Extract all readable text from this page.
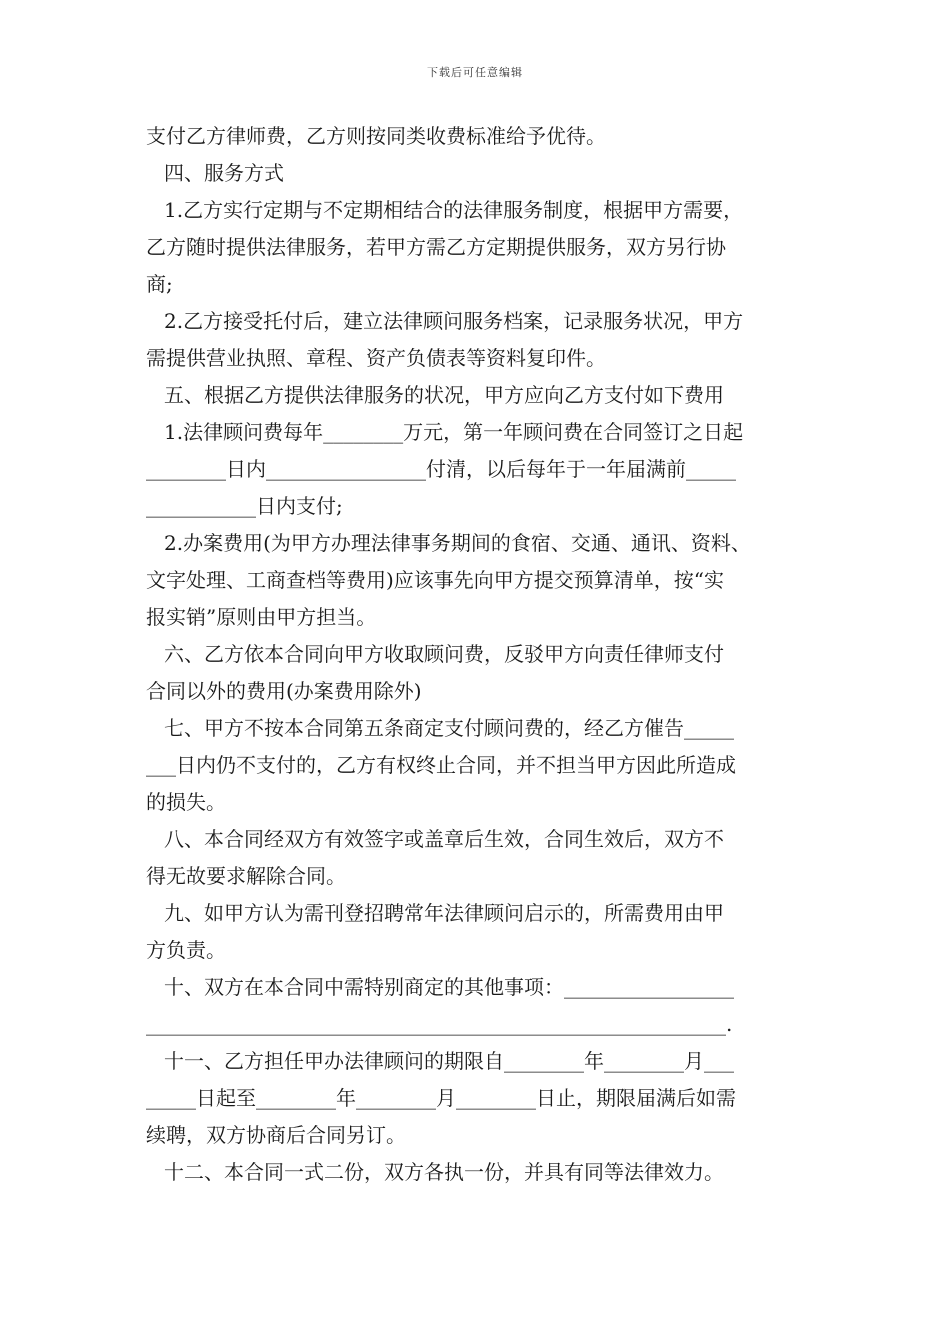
下载后可任意编辑
支付乙方律师费，乙方则按同类收费标准给予优待。
四、服务方式
1.乙方实行定期与不定期相结合的法律服务制度，根据甲方需要，
乙方随时提供法律服务，若甲方需乙方定期提供服务，双方另行协
商;
2.乙方接受托付后，建立法律顾问服务档案，记录服务状况，甲方
需提供营业执照、章程、资产负债表等资料复印件。
五、根据乙方提供法律服务的状况，甲方应向乙方支付如下费用
1.法律顾问费每年________万元，第一年顾问费在合同签订之日起
________日内________________付清，以后每年于一年届满前_____
___________日内支付;
2.办案费用(为甲方办理法律事务期间的食宿、交通、通讯、资料、
文字处理、工商查档等费用)应该事先向甲方提交预算清单，按“实
报实销”原则由甲方担当。
六、乙方依本合同向甲方收取顾问费，反驳甲方向责任律师支付
合同以外的费用(办案费用除外)
七、甲方不按本合同第五条商定支付顾问费的，经乙方催告_____
___日内仍不支付的，乙方有权终止合同，并不担当甲方因此所造成
的损失。
八、本合同经双方有效签字或盖章后生效，合同生效后，双方不
得无故要求解除合同。
九、如甲方认为需刊登招聘常年法律顾问启示的，所需费用由甲
方负责。
十、双方在本合同中需特别商定的其他事项：_________________
__________________________________________________________.
十一、乙方担任甲办法律顾问的期限自________年________月___
_____日起至________年________月________日止，期限届满后如需
续聘，双方协商后合同另订。
十二、本合同一式二份，双方各执一份，并具有同等法律效力。
